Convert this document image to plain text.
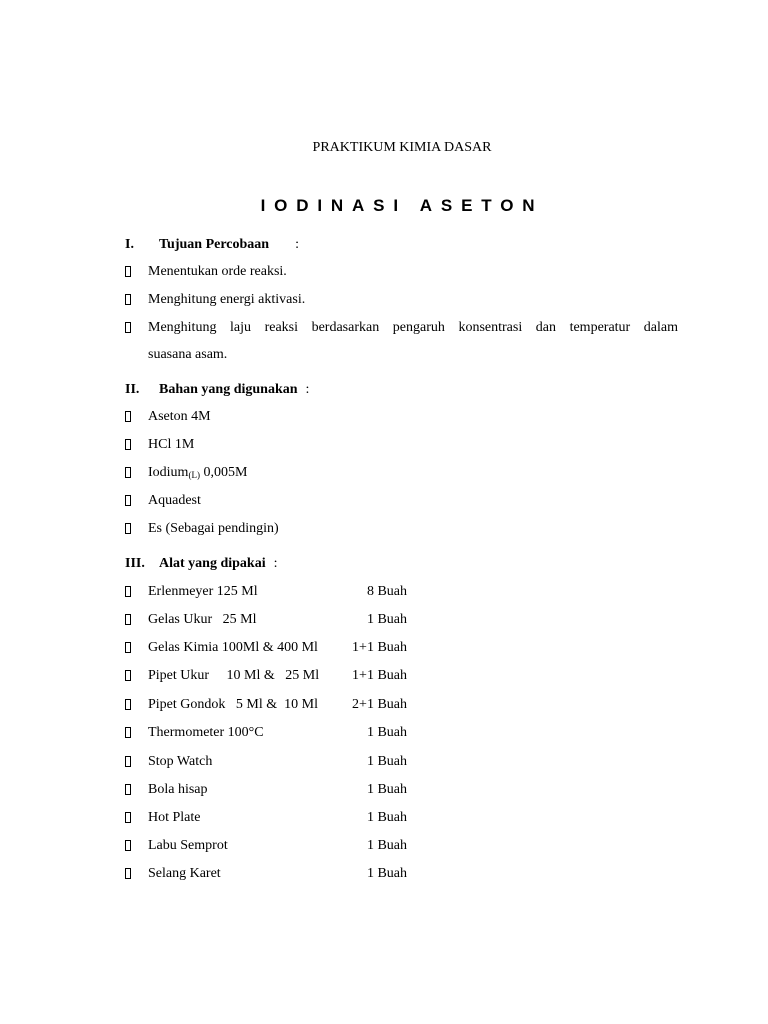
PRAKTIKUM KIMIA DASAR
IODINASI ASETON
I. Tujuan Percobaan :
Menentukan orde reaksi.
Menghitung energi aktivasi.
Menghitung laju reaksi berdasarkan pengaruh konsentrasi dan temperatur dalam
suasana asam.
II. Bahan yang digunakan :
Aseton 4M
HCl 1M
Iodium$_{(L)}$ 0,005M
Aquadest
Es (Sebagai pendingin)
III. Alat yang dipakai :
Erlenmeyer 125 Ml	8 Buah
Gelas Ukur   25 Ml	1 Buah
Gelas Kimia 100Ml & 400 Ml	1+1 Buah
Pipet Ukur     10 Ml &   25 Ml	1+1 Buah
Pipet Gondok   5 Ml &  10 Ml	2+1 Buah
Thermometer 100°C	1 Buah
Stop Watch	1 Buah
Bola hisap	1 Buah
Hot Plate	1 Buah
Labu Semprot	1 Buah
Selang Karet	1 Buah
